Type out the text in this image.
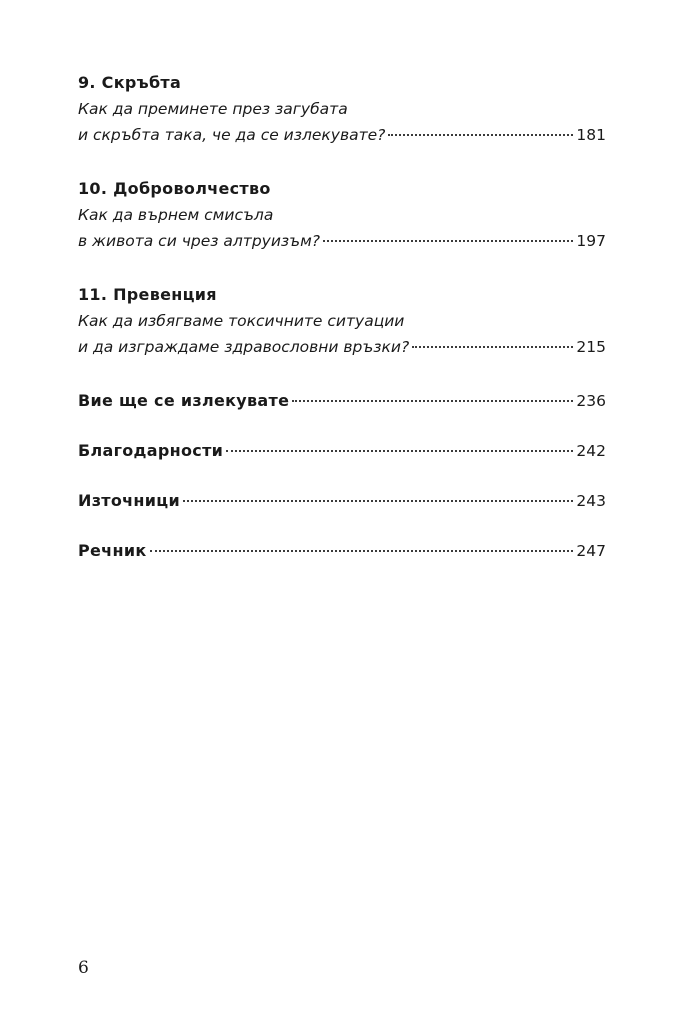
9. Скръбта
Как да преминете през загубата
и скръбта така, че да се излекувате?	181
10. Доброволчество
Как да върнем смисъла
в живота си чрез алтруизъм?	197
11. Превенция
Как да избягваме токсичните ситуации
и да изграждаме здравословни връзки?	215
Вие ще се излекувате	236
Благодарности	242
Източници	243
Речник	247
6
